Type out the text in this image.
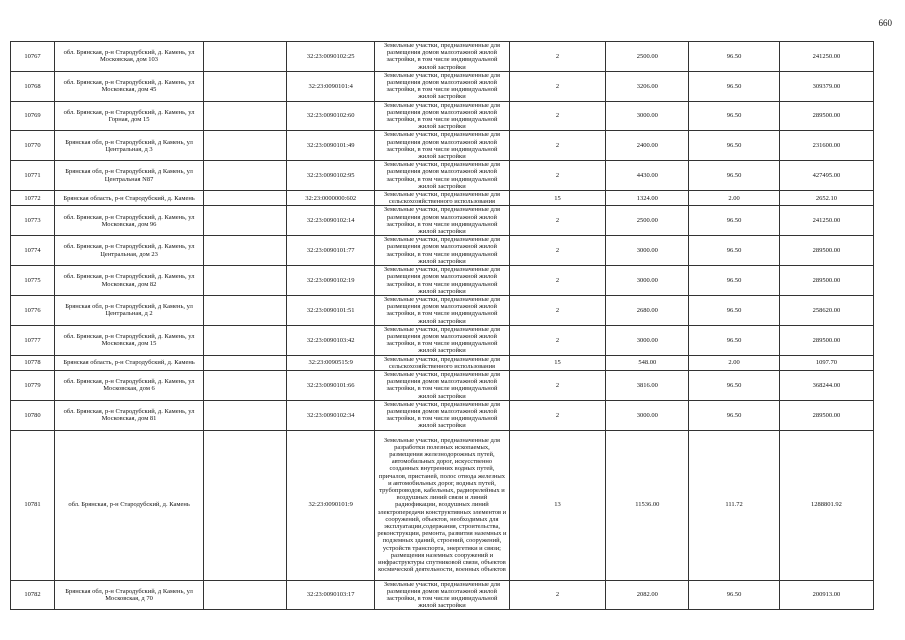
660
10767	обл. Брянская, р-н Стародубский, д. Камень, ул Московская, дом 103		32:23:0090102:25	Земельные участки, предназначенные для размещения домов малоэтажной жилой застройки, в том числе индивидуальной жилой застройки	2	2500.00	96.50	241250.00
10768	обл. Брянская, р-н Стародубский, д. Камень, ул Московская, дом 45		32:23:0090101:4	Земельные участки, предназначенные для размещения домов малоэтажной жилой застройки, в том числе индивидуальной жилой застройки	2	3206.00	96.50	309379.00
10769	обл. Брянская, р-н Стародубский, д. Камень, ул Горная, дом 15		32:23:0090102:60	Земельные участки, предназначенные для размещения домов малоэтажной жилой застройки, в том числе индивидуальной жилой застройки	2	3000.00	96.50	289500.00
10770	Брянская обл, р-н Стародубский, д Камень, ул Центральная, д 3		32:23:0090101:49	Земельные участки, предназначенные для размещения домов малоэтажной жилой застройки, в том числе индивидуальной жилой застройки	2	2400.00	96.50	231600.00
10771	Брянская обл, р-н Стародубский, д Камень, ул Центральная N87		32:23:0090102:95	Земельные участки, предназначенные для размещения домов малоэтажной жилой застройки, в том числе индивидуальной жилой застройки	2	4430.00	96.50	427495.00
10772	Брянская область, р-н Стародубский, д. Камень		32:23:0000000:602	Земельные участки, предназначенные для сельскохозяйственного использования	15	1324.00	2.00	2652.10
10773	обл. Брянская, р-н Стародубский, д. Камень, ул Московская, дом 96		32:23:0090102:14	Земельные участки, предназначенные для размещения домов малоэтажной жилой застройки, в том числе индивидуальной жилой застройки	2	2500.00	96.50	241250.00
10774	обл. Брянская, р-н Стародубский, д. Камень, ул Центральная, дом 23		32:23:0090101:77	Земельные участки, предназначенные для размещения домов малоэтажной жилой застройки, в том числе индивидуальной жилой застройки	2	3000.00	96.50	289500.00
10775	обл. Брянская, р-н Стародубский, д. Камень, ул Московская, дом 82		32:23:0090102:19	Земельные участки, предназначенные для размещения домов малоэтажной жилой застройки, в том числе индивидуальной жилой застройки	2	3000.00	96.50	289500.00
10776	Брянская обл, р-н Стародубский, д Камень, ул Центральная, д 2		32:23:0090101:51	Земельные участки, предназначенные для размещения домов малоэтажной жилой застройки, в том числе индивидуальной жилой застройки	2	2680.00	96.50	258620.00
10777	обл. Брянская, р-н Стародубский, д. Камень, ул Московская, дом 15		32:23:0090103:42	Земельные участки, предназначенные для размещения домов малоэтажной жилой застройки, в том числе индивидуальной жилой застройки	2	3000.00	96.50	289500.00
10778	Брянская область, р-н Стародубский, д. Камень		32:23:0090515:9	Земельные участки, предназначенные для сельскохозяйственного использования	15	548.00	2.00	1097.70
10779	обл. Брянская, р-н Стародубский, д. Камень, ул Московская, дом 6		32:23:0090101:66	Земельные участки, предназначенные для размещения домов малоэтажной жилой застройки, в том числе индивидуальной жилой застройки	2	3816.00	96.50	368244.00
10780	обл. Брянская, р-н Стародубский, д. Камень, ул Московская, дом 81		32:23:0090102:34	Земельные участки, предназначенные для размещения домов малоэтажной жилой застройки, в том числе индивидуальной жилой застройки	2	3000.00	96.50	289500.00
10781	обл. Брянская, р-н Стародубский, д. Камень		32:23:0090101:9	Земельные участки, предназначенные для разработки полезных ископаемых, размещения железнодорожных путей, автомобильных дорог, искусственно созданных внутренних водных путей, причалов, пристаней, полос отвода железных и автомобильных дорог, водных путей, трубопроводов, кабельных, радиорелейных и воздушных линий связи и линий радиофикации, воздушных линий электропередачи конструктивных элементов и сооружений, объектов, необходимых для эксплуатации,содержания, строительства, реконструкции, ремонта, развития наземных и подземных зданий, строений, сооружений, устройств транспорта, энергетики и связи; размещения наземных сооружений и инфраструктуры спутниковой связи, объектов космической деятельности, военных объектов	13	11536.00	111.72	1288801.92
10782	Брянская обл, р-н Стародубский, д Камень, ул Московская, д 70		32:23:0090103:17	Земельные участки, предназначенные для размещения домов малоэтажной жилой застройки, в том числе индивидуальной жилой застройки	2	2082.00	96.50	200913.00
